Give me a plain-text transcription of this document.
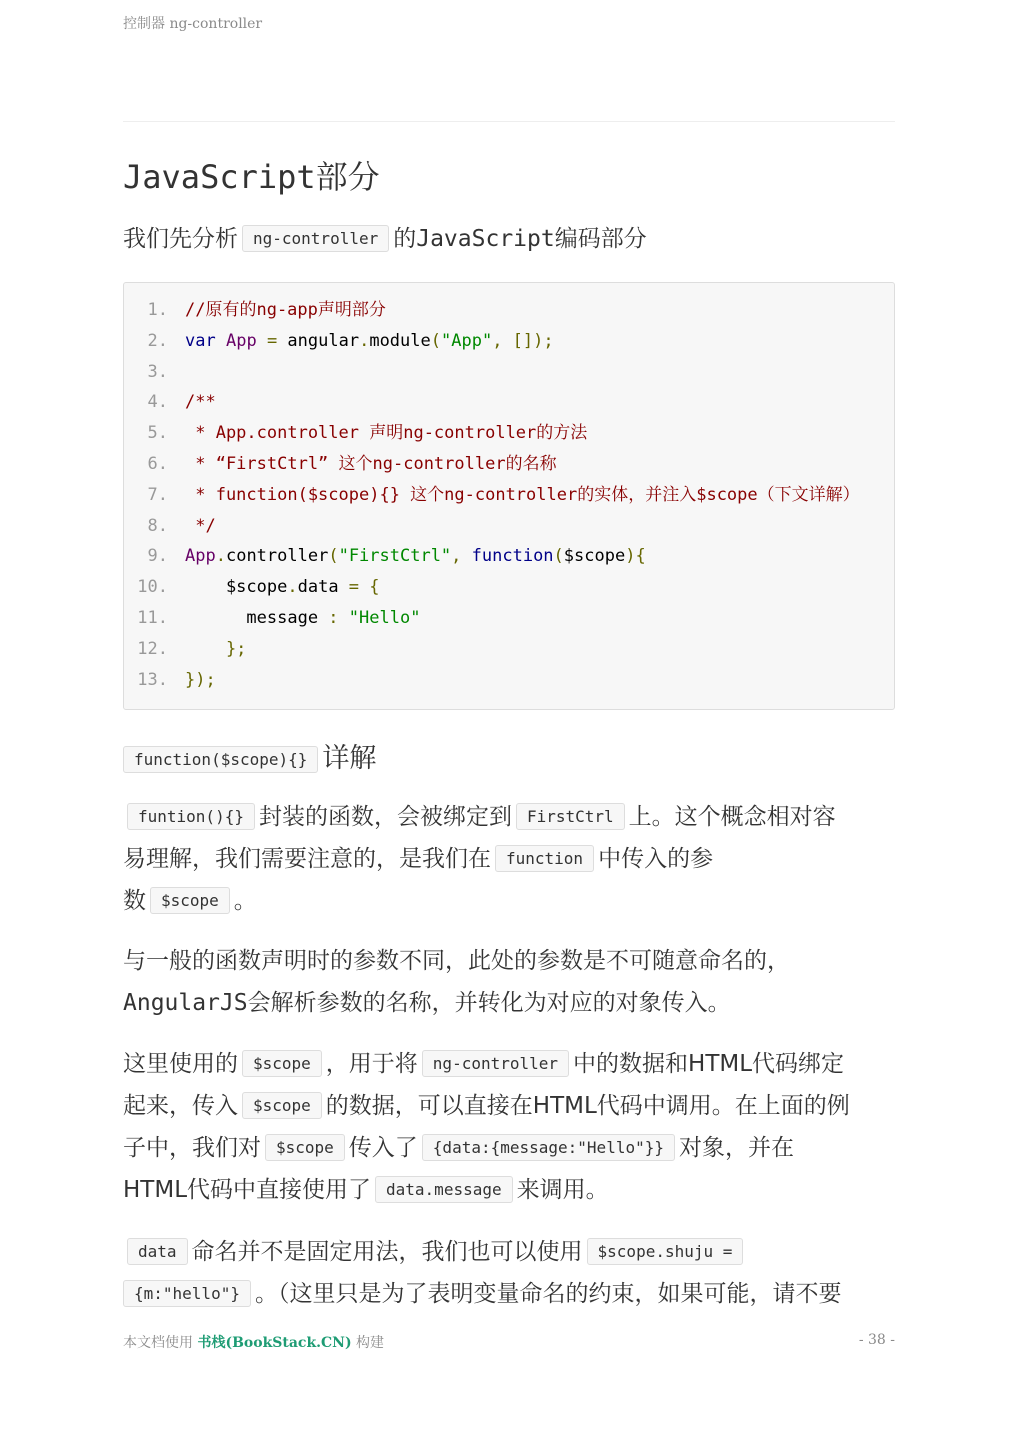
控制器 ng-controller
JavaScript部分

我们先分析 ng-controller 的JavaScript编码部分

1. //原有的ng-app声明部分
2. var App = angular.module("App", []);
3.
4. /**
5. * App.controller 声明ng-controller的方法
6. * “FirstCtrl” 这个ng-controller的名称
7. * function($scope){} 这个ng-controller的实体，并注入$scope（下文详解）
8. */
9. App.controller("FirstCtrl", function($scope){
10.    $scope.data = {
11.      message : "Hello"
12.    };
13. });
function($scope){} 详解

funtion(){} 封装的函数，会被绑定到 FirstCtrl 上。这个概念相对容
易理解，我们需要注意的，是我们在 function 中传入的参
数 $scope 。

与一般的函数声明时的参数不同，此处的参数是不可随意命名的，
AngularJS会解析参数的名称，并转化为对应的对象传入。

这里使用的 $scope ，用于将 ng-controller 中的数据和HTML代码绑定
起来，传入 $scope 的数据，可以直接在HTML代码中调用。在上面的例
子中，我们对 $scope 传入了 {data:{message:"Hello"}} 对象，并在
HTML代码中直接使用了 data.message 来调用。

data 命名并不是固定用法，我们也可以使用 $scope.shuju =
{m:"hello"} 。（这里只是为了表明变量命名的约束，如果可能，请不要

本文档使用 书栈(BookStack.CN) 构建	- 38 -
